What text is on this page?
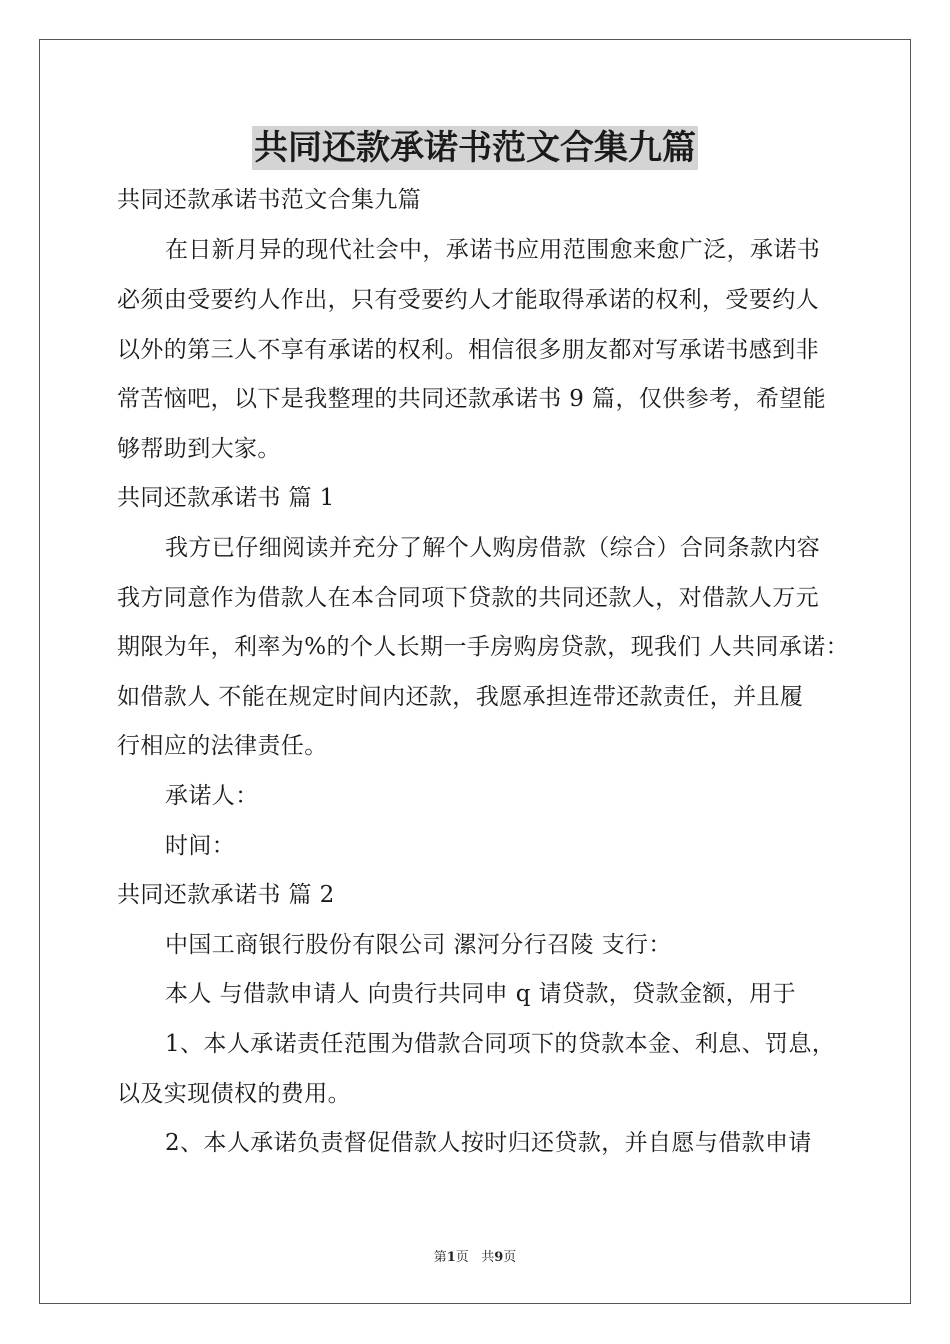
共同还款承诺书范文合集九篇
共同还款承诺书范文合集九篇
在日新月异的现代社会中，承诺书应用范围愈来愈广泛，承诺书
必须由受要约人作出，只有受要约人才能取得承诺的权利，受要约人
以外的第三人不享有承诺的权利。相信很多朋友都对写承诺书感到非
常苦恼吧，以下是我整理的共同还款承诺书 9 篇，仅供参考，希望能
够帮助到大家。
共同还款承诺书 篇 1
我方已仔细阅读并充分了解个人购房借款（综合）合同条款内容
我方同意作为借款人在本合同项下贷款的共同还款人，对借款人万元
期限为年，利率为%的个人长期一手房购房贷款，现我们 人共同承诺：
如借款人 不能在规定时间内还款，我愿承担连带还款责任，并且履
行相应的法律责任。
承诺人：
时间：
共同还款承诺书 篇 2
中国工商银行股份有限公司 漯河分行召陵 支行：
本人 与借款申请人 向贵行共同申 q 请贷款，贷款金额，用于
1、本人承诺责任范围为借款合同项下的贷款本金、利息、罚息，
以及实现债权的费用。
2、本人承诺负责督促借款人按时归还贷款，并自愿与借款申请
第1页 共9页
